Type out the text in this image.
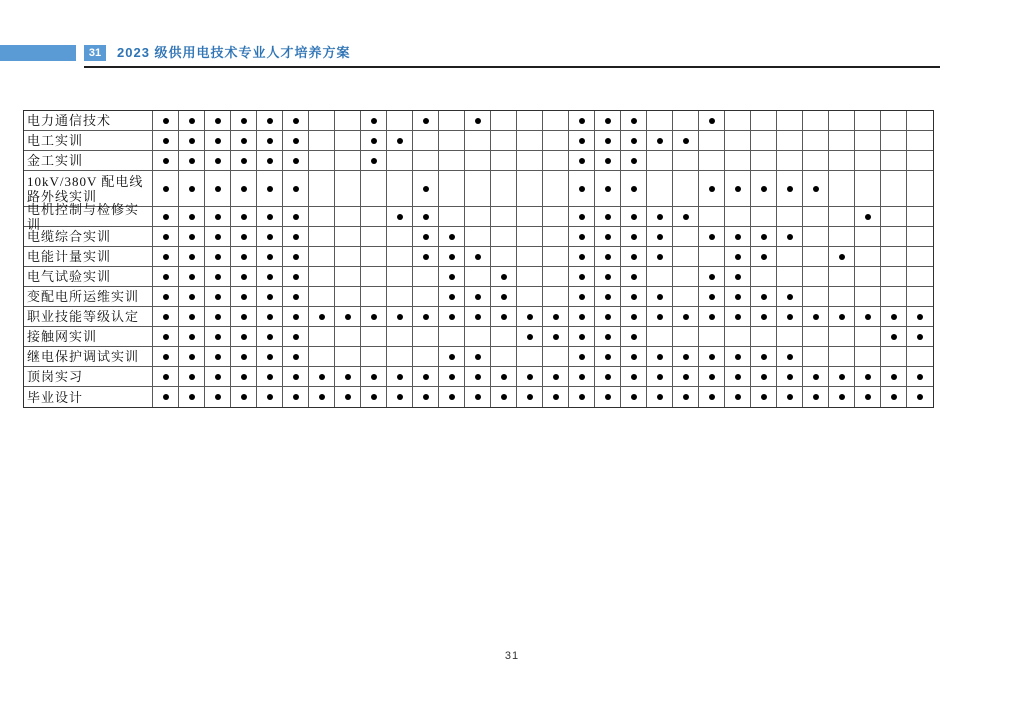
31	2023 级供用电技术专业人才培养方案
电力通信技术
电工实训
金工实训
10kV/380V 配电线路外线实训
电机控制与检修实训
电缆综合实训
电能计量实训
电气试验实训
变配电所运维实训
职业技能等级认定
接触网实训
继电保护调试实训
顶岗实习
毕业设计
31
